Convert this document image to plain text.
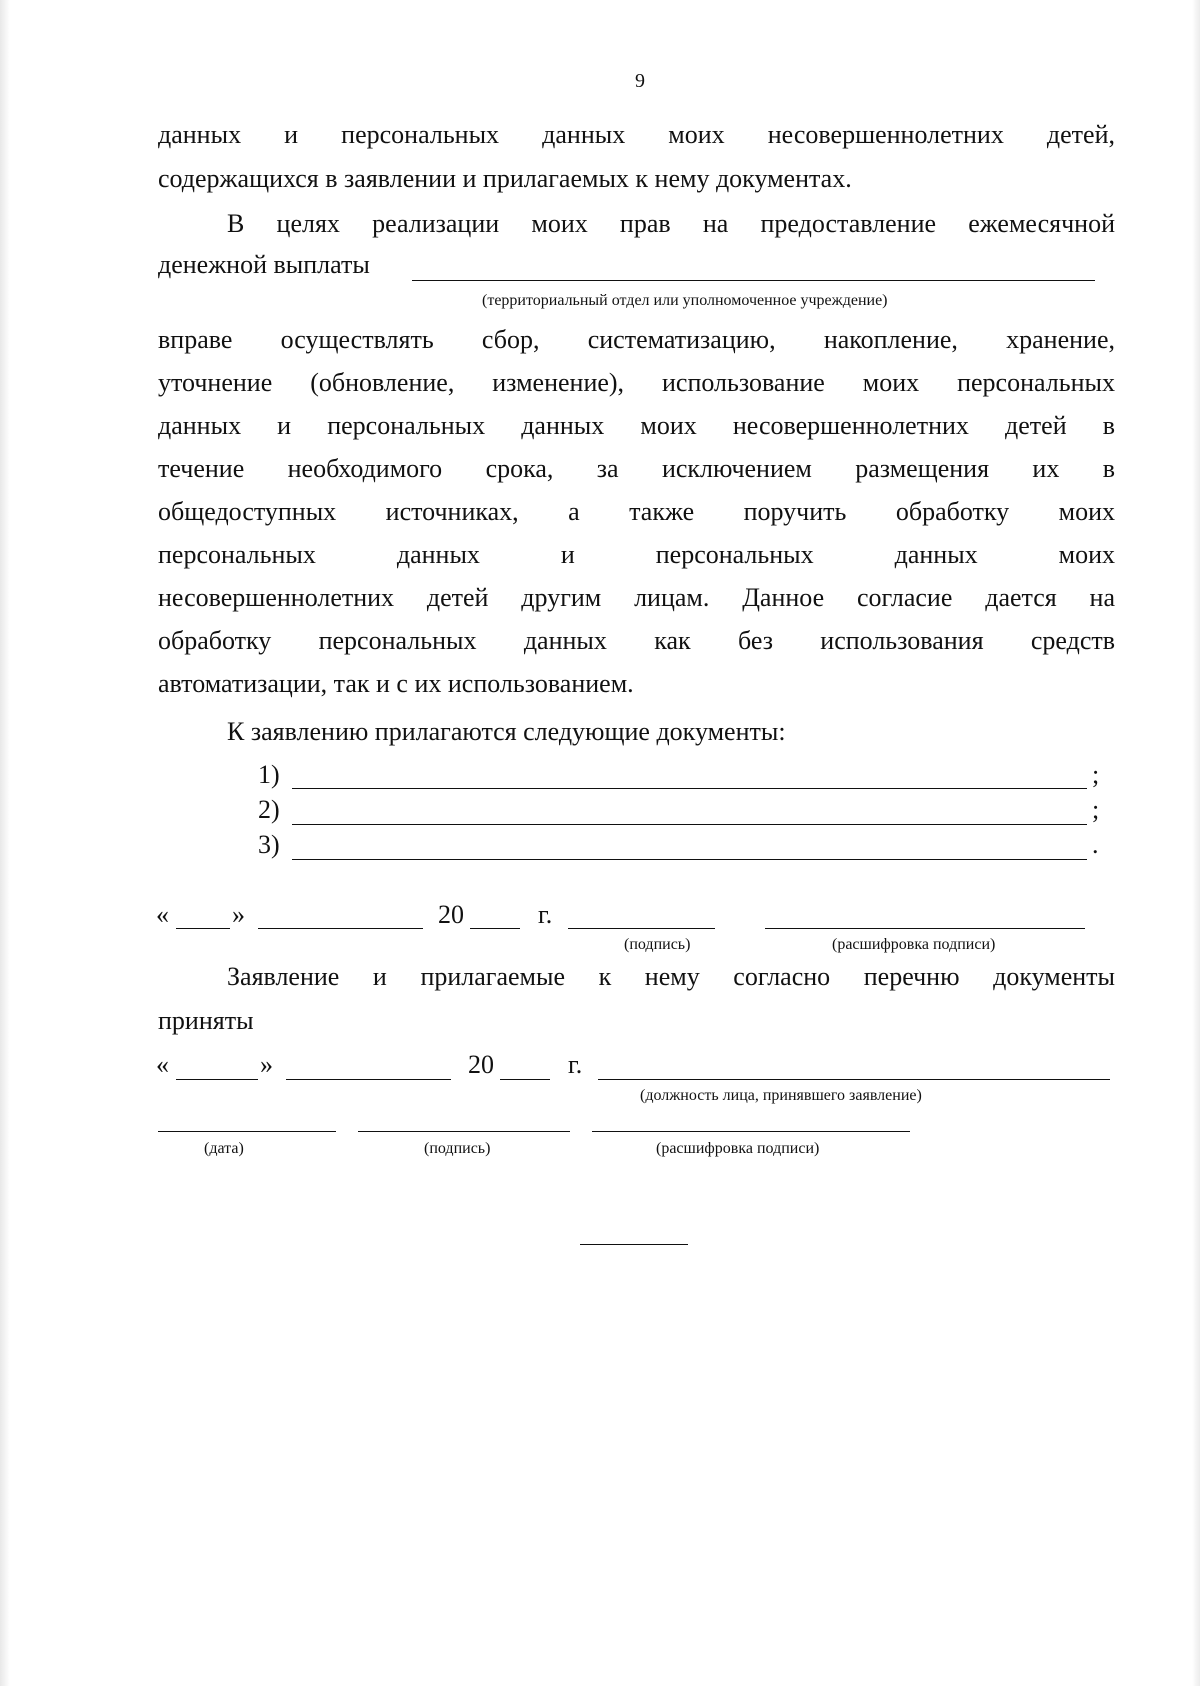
9
данных и персональных данных моих несовершеннолетних детей,
содержащихся в заявлении и прилагаемых к нему документах.
В целях реализации моих прав на предоставление ежемесячной
денежной выплаты
(территориальный отдел или уполномоченное учреждение)
вправе осуществлять сбор, систематизацию, накопление, хранение,
уточнение (обновление, изменение), использование моих персональных
данных и персональных данных моих несовершеннолетних детей в
течение необходимого срока, за исключением размещения их в
общедоступных источниках, а также поручить обработку моих
персональных данных и персональных данных моих
несовершеннолетних детей другим лицам. Данное согласие дается на
обработку персональных данных как без использования средств
автоматизации, так и с их использованием.
К заявлению прилагаются следующие документы:
1)	;
2)	;
3)	.
« »	20	г.
(подпись)	(расшифровка подписи)
Заявление и прилагаемые к нему согласно перечню документы
приняты
«	»	20	г.
(должность лица, принявшего заявление)
(дата)	(подпись)	(расшифровка подписи)
